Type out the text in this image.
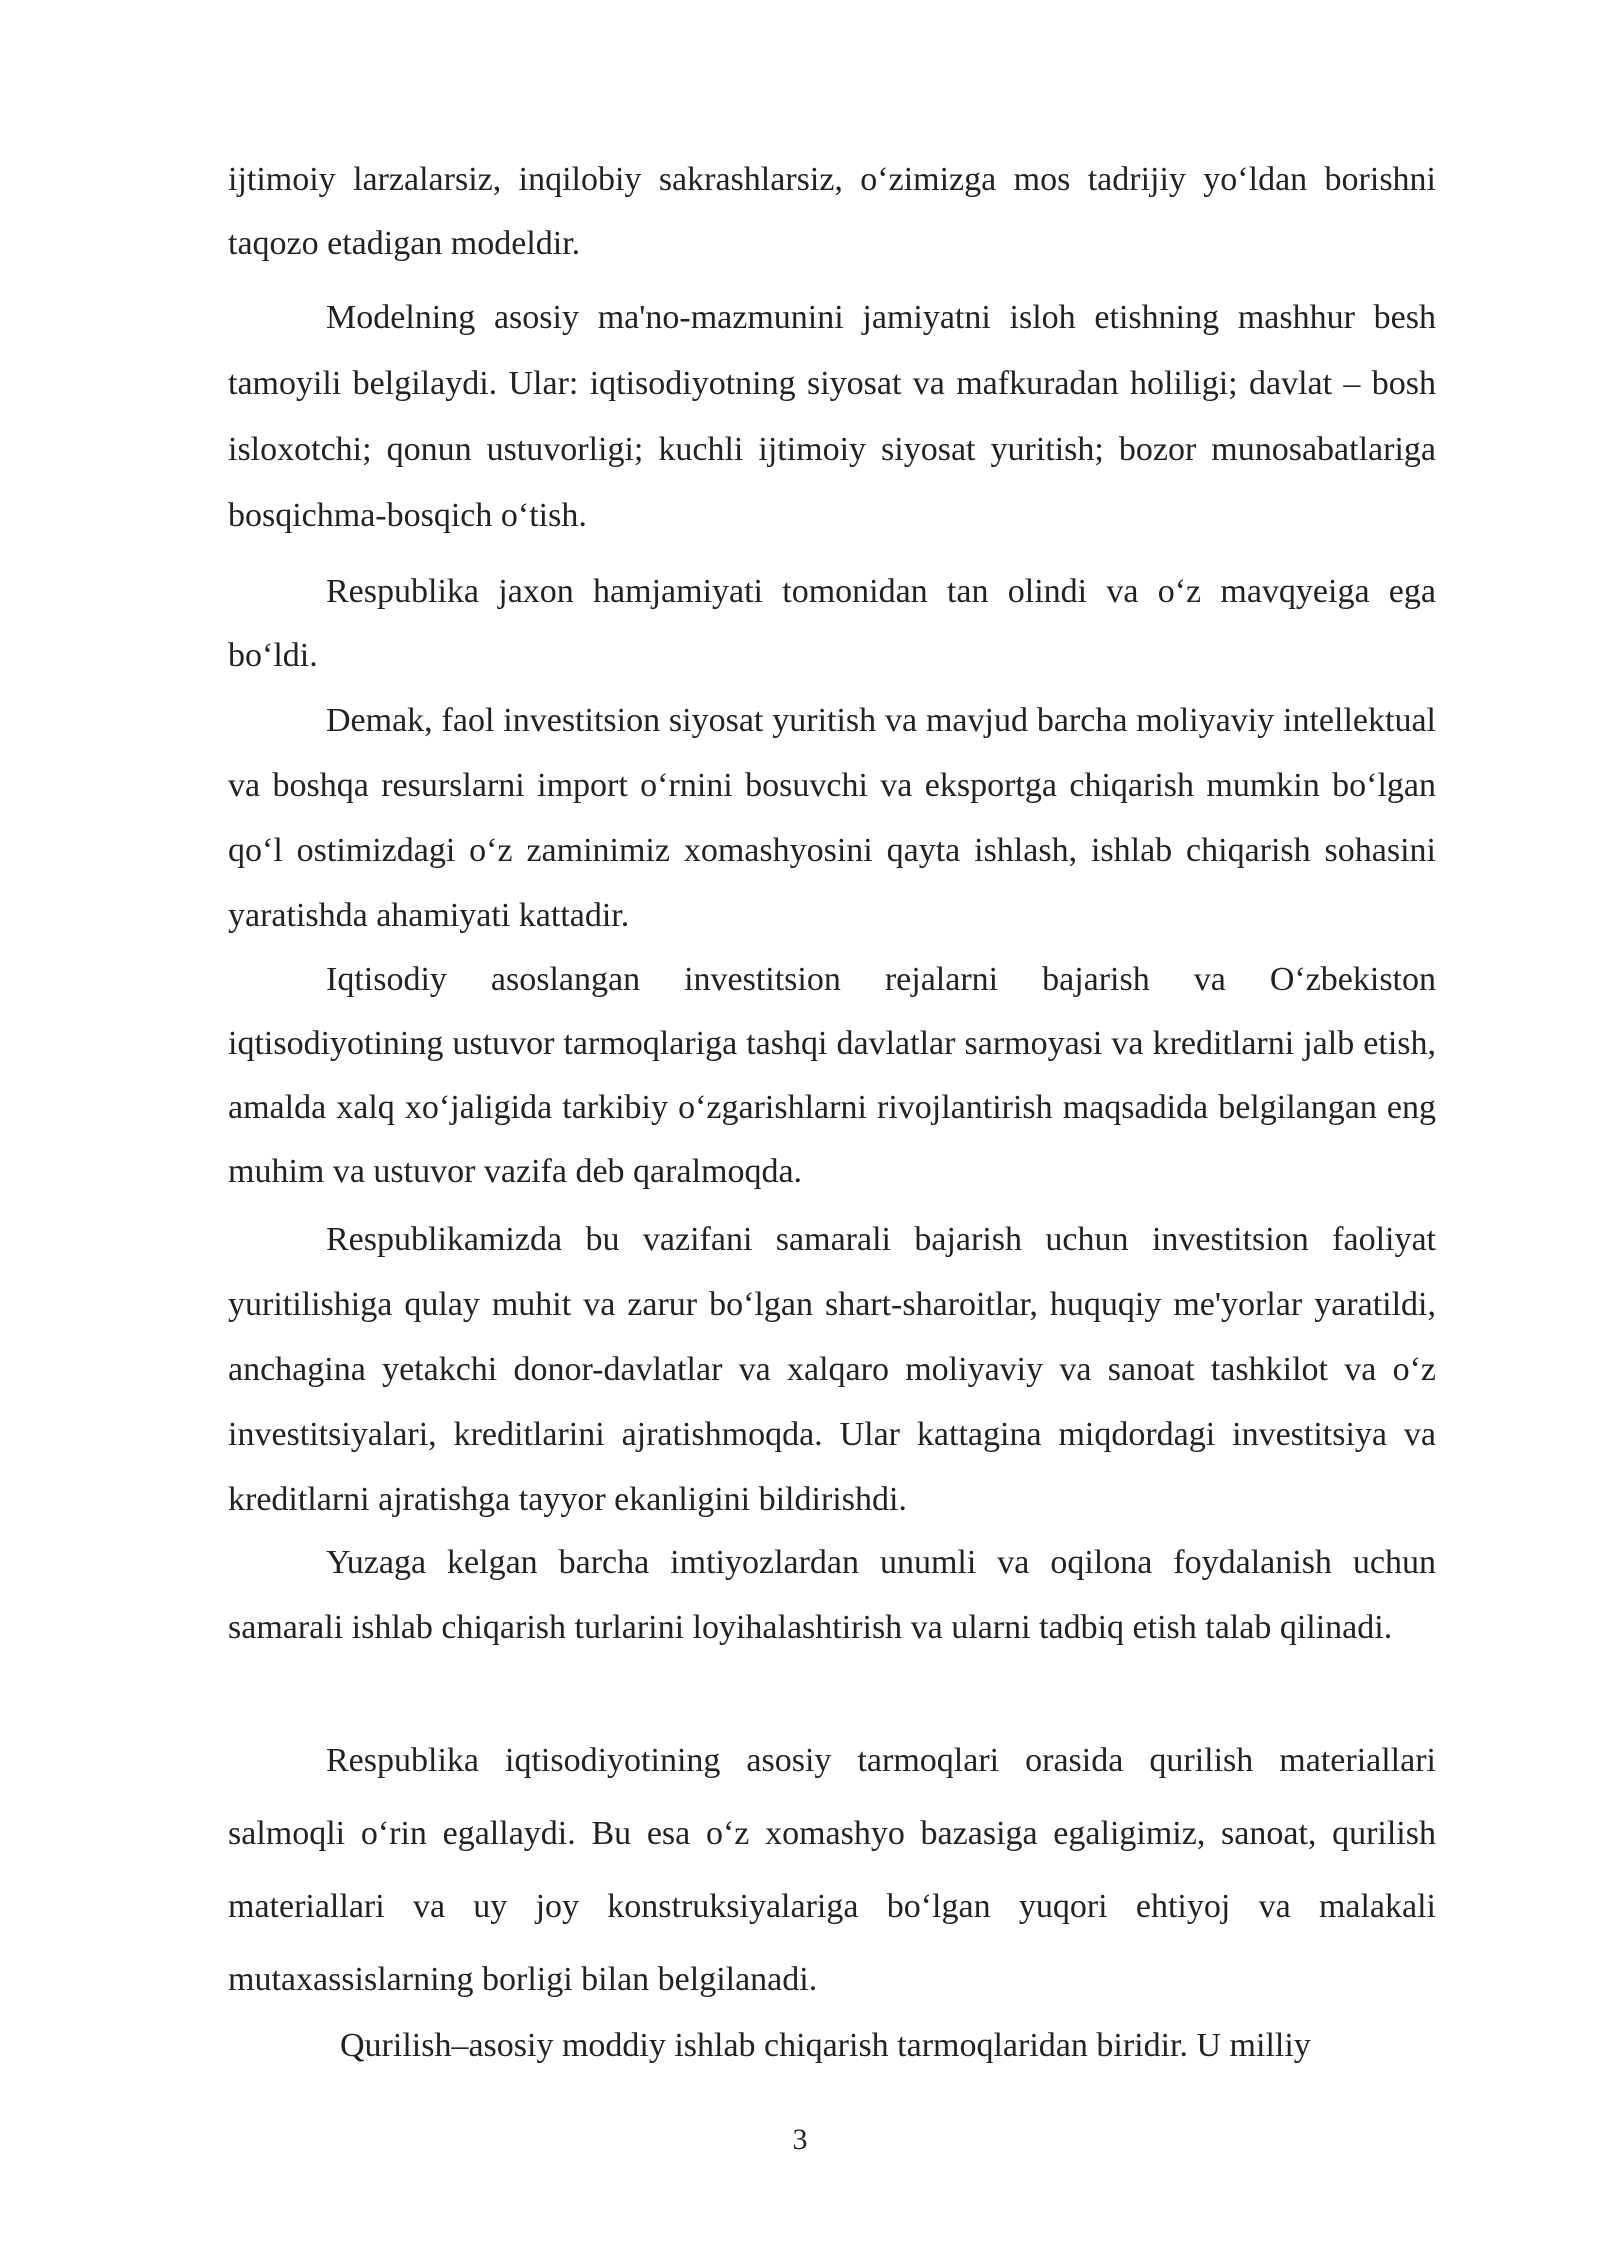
ijtimoiy larzalarsiz, inqilobiy sakrashlarsiz, o‘zimizga mos tadrijiy yo‘ldan borishni taqozo etadigan modeldir.

Modelning asosiy ma'no-mazmunini jamiyatni isloh etishning mashhur besh tamoyili belgilaydi. Ular: iqtisodiyotning siyosat va mafkuradan holiligi; davlat – bosh isloxotchi; qonun ustuvorligi; kuchli ijtimoiy siyosat yuritish; bozor munosabatlariga bosqichma-bosqich o‘tish.

Respublika jaxon hamjamiyati tomonidan tan olindi va o‘z mavqyeiga ega bo‘ldi.

Demak, faol investitsion siyosat yuritish va mavjud barcha moliyaviy intellektual va boshqa resurslarni import o‘rnini bosuvchi va eksportga chiqarish mumkin bo‘lgan qo‘l ostimizdagi o‘z zaminimiz xomashyosini qayta ishlash, ishlab chiqarish sohasini yaratishda ahamiyati kattadir.

Iqtisodiy asoslangan investitsion rejalarni bajarish va O‘zbekiston iqtisodiyotining ustuvor tarmoqlariga tashqi davlatlar sarmoyasi va kreditlarni jalb etish, amalda xalq xo‘jaligida tarkibiy o‘zgarishlarni rivojlantirish maqsadida belgilangan eng muhim va ustuvor vazifa deb qaralmoqda.

Respublikamizda bu vazifani samarali bajarish uchun investitsion faoliyat yuritilishiga qulay muhit va zarur bo‘lgan shart-sharoitlar, huquqiy me'yorlar yaratildi, anchagina yetakchi donor-davlatlar va xalqaro moliyaviy va sanoat tashkilot va o‘z investitsiyalari, kreditlarini ajratishmoqda. Ular kattagina miqdordagi investitsiya va kreditlarni ajratishga tayyor ekanligini bildirishdi.

Yuzaga kelgan barcha imtiyozlardan unumli va oqilona foydalanish uchun samarali ishlab chiqarish turlarini loyihalashtirish va ularni tadbiq etish talab qilinadi.

Respublika iqtisodiyotining asosiy tarmoqlari orasida qurilish materiallari salmoqli o‘rin egallaydi. Bu esa o‘z xomashyo bazasiga egaligimiz, sanoat, qurilish materiallari va uy joy konstruksiyalariga bo‘lgan yuqori ehtiyoj va malakali mutaxassislarning borligi bilan belgilanadi.

Qurilish–asosiy moddiy ishlab chiqarish tarmoqlaridan biridir. U milliy

3
